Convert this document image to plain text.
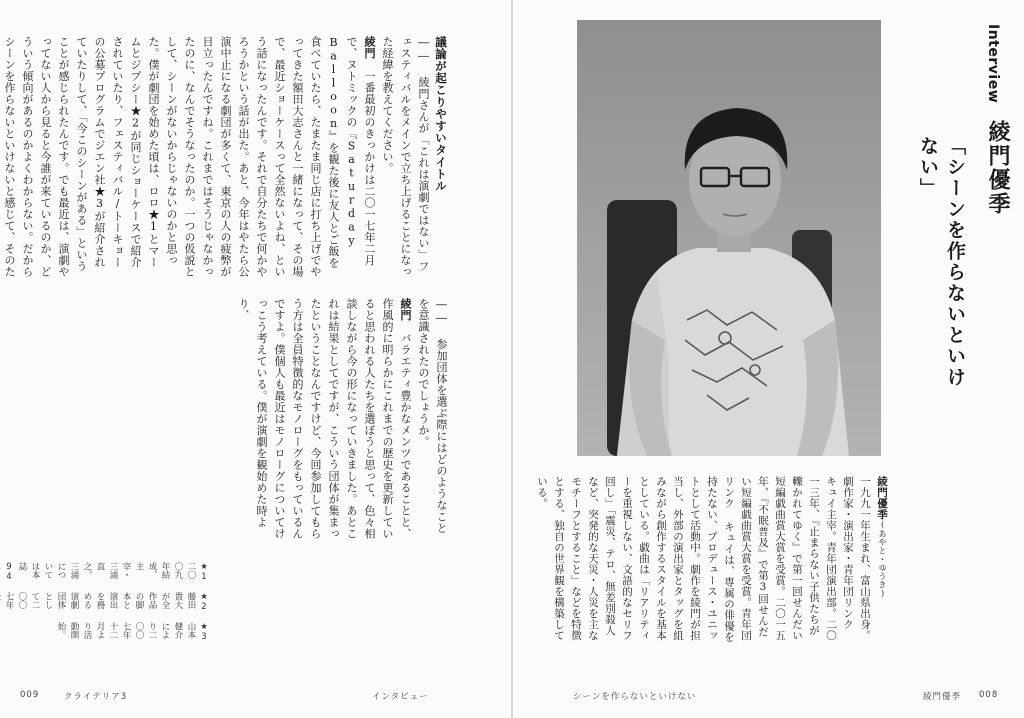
議論が起こりやすいタイトル

―― 綾門さんが「これは演劇ではない」フェスティバルをメインで立ち上げることになった経緯を教えてください。

綾門　一番最初のきっかけは二〇一七年二月で、ヌトミックの『Saturday Balloon』を観た後に友人とご飯を食べていたら、たまたま同じ店に打ち上げでやってきた額田大志さんと一緒になって、その場で、最近ショーケースって全然ないよね、という話になったんです。それで自分たちで何かやろうかという話が出た。あと、今年はやたら公演中止になる劇団が多くて、東京の人の疲弊が目立ったんですね。これまではそうじゃなかったのに、なんでそうなったのか。一つの仮説として、シーンがないからじゃないのかと思った。僕が劇団を始めた頃は、ロロ★1とマームとジプシー★2が同じショーケースで紹介されていたり、フェスティバル/トーキョーの公募プログラムでジエン社★3が紹介されていたりして、「今このシーンがある」ということが感じられたんです。でも最近は、演劇やってない人から見ると今誰が来ているのか、どういう傾向があるのかよくわからない。だからシーンを作らないといけないと感じて、そのた

―― 参加団体を選ぶ際にはどのようなことを意識されたのでしょうか。

綾門　バラエティ豊かなメンツであることと、作風的に明らかにこれまでの歴史を更新していると思われる人たちを選ぼうと思って、色々相談しながら今の形になっていきました。あとこれは結果としてですが、こういう団体が集まったということなんですけど、今回参加してもらう方は全員特徴的なモノローグをもっているんですよ。僕個人も最近はモノローグについてけっこう考えている。僕が演劇を観始めた時より、

★1 二〇〇九年結成、主宰・三浦直之。三浦については本誌94
★2 藤田貴大が全作品の脚本と演出を務める演劇団体として二〇〇七年
★3 山本健介により二〇〇七年十二月より活動開始。
009	クライテリア3	インタビュー
Interview
綾門優季
「シーンを作らないといけない」

綾門優季(あやと・ゆうき)
一九九一年生まれ、富山県出身。劇作家・演出家・青年団リンク キュイ主宰。青年団演出部。二〇一三年、『止まらない子供たちが轢かれてゆく』で第一回せんだい短編戯曲賞大賞を受賞。二〇一五年、『不眠普及』で第3回せんだい短編戯曲賞大賞を受賞。青年団リンク キュイは、専属の俳優を持たない、プロデュース・ユニットとして活動中。劇作を綾門が担当し、外部の演出家とタッグを組みながら創作するスタイルを基本としている。戯曲は「リアリティーを重視しない、文語的なセリフ回し」「震災、テロ、無差別殺人など、突発的な天災・人災を主なモチーフとすること」などを特徴とする、独自の世界観を構築している。

シーンを作らないといけない	綾門優季 008
